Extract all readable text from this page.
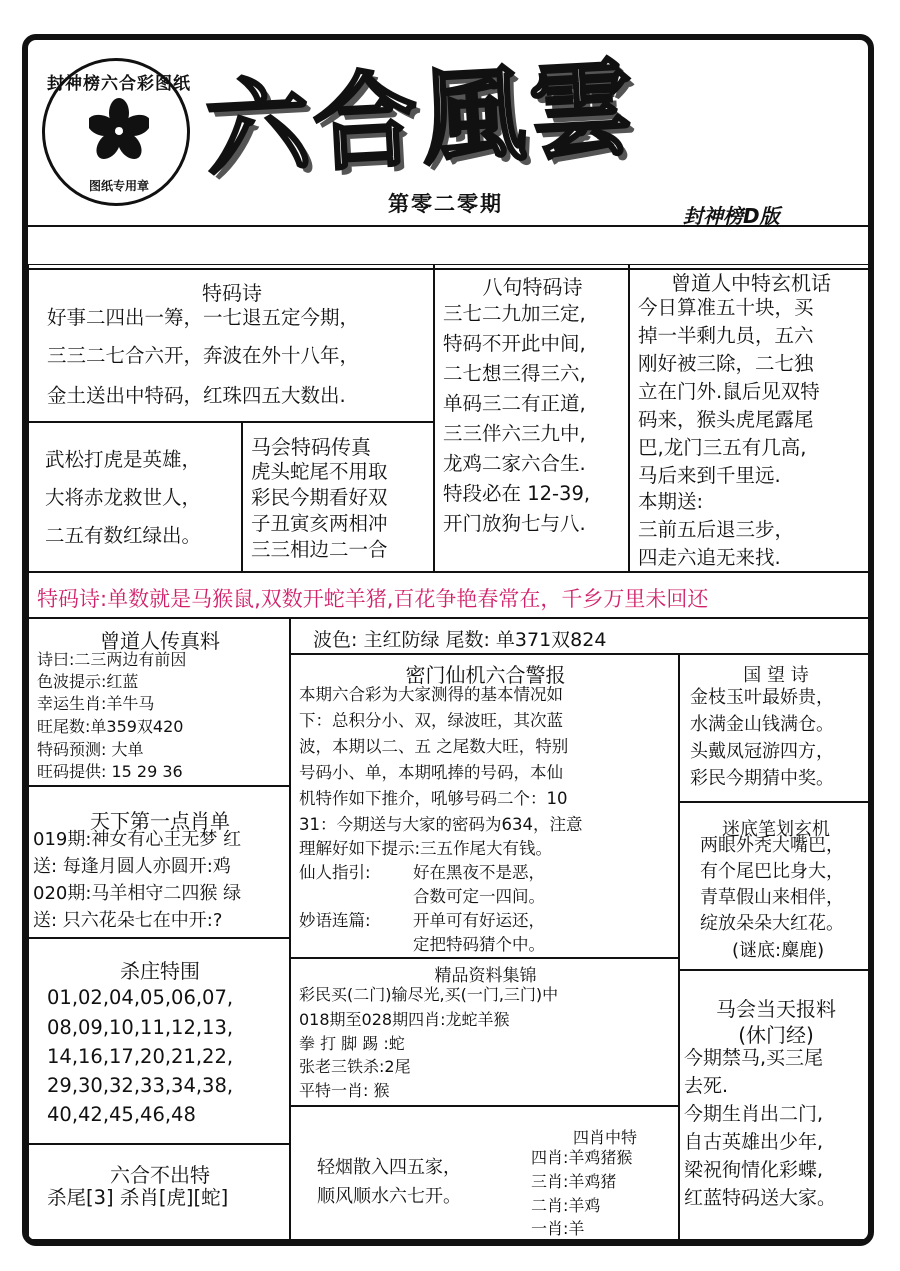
封神榜六合彩图纸
图纸专用章 六合風雲
第零二零期	封神榜D版
特码诗
好事二四出一筹，一七退五定今期，
三三二七合六开，奔波在外十八年，
金土送出中特码，红珠四五大数出.
武松打虎是英雄，
大将赤龙救世人，
二五有数红绿出。
马会特码传真
虎头蛇尾不用取
彩民今期看好双
子丑寅亥两相冲
三三相边二一合
八句特码诗
三七二九加三定,
特码不开此中间,
二七想三得三六,
单码三二有正道,
三三伴六三九中,
龙鸡二家六合生.
特段必在 12-39,
开门放狗七与八.
曾道人中特玄机话
今日算准五十块，买
掉一半剩九员，五六
刚好被三除，二七独
立在门外.鼠后见双特
码来，猴头虎尾露尾
巴,龙门三五有几高,
马后来到千里远.
本期送:
三前五后退三步，
四走六追无来找.
特码诗:单数就是马猴鼠,双数开蛇羊猪,百花争艳春常在，千乡万里未回还
曾道人传真料
诗曰:二三两边有前因
色波提示:红蓝
幸运生肖:羊牛马
旺尾数:单359双420
特码预测: 大单
旺码提供: 15 29 36
天下第一点肖单
019期:神女有心王无梦 红
送: 每逢月圆人亦圆开:鸡
020期:马羊相守二四猴 绿
送: 只六花朵七在中开:?
杀庄特围
01,02,04,05,06,07,
08,09,10,11,12,13,
14,16,17,20,21,22,
29,30,32,33,34,38,
40,42,45,46,48
六合不出特
杀尾[3] 杀肖[虎][蛇]
波色: 主红防绿 尾数: 单371双824
密门仙机六合警报
本期六合彩为大家测得的基本情况如
下：总积分小、双，绿波旺，其次蓝
波，本期以二、五 之尾数大旺，特别
号码小、单，本期吼捧的号码，本仙
机特作如下推介，吼够号码二个：10
31：今期送与大家的密码为634，注意
理解好如下提示:三五作尾大有钱。
仙人指引:	好在黑夜不是恶，
合数可定一四间。
妙语连篇:	开单可有好运还，
定把特码猜个中。
精品资料集锦
彩民买(二门)输尽光,买(一门,三门)中
018期至028期四肖:龙蛇羊猴
拳 打 脚 踢 :蛇
张老三铁杀:2尾
平特一肖: 猴
轻烟散入四五家，
顺风顺水六七开。
四肖中特
四肖:羊鸡猪猴
三肖:羊鸡猪
二肖:羊鸡
一肖:羊
国 望 诗
金枝玉叶最娇贵，
水满金山钱满仓。
头戴凤冠游四方，
彩民今期猜中奖。
迷底笔划玄机
两眼外秃大嘴巴，
有个尾巴比身大，
青草假山来相伴，
绽放朵朵大红花。
(谜底:麋鹿)
马会当天报料
(休门经)
今期禁马,买三尾
去死.
今期生肖出二门,
自古英雄出少年,
梁祝徇情化彩蝶,
红蓝特码送大家。
